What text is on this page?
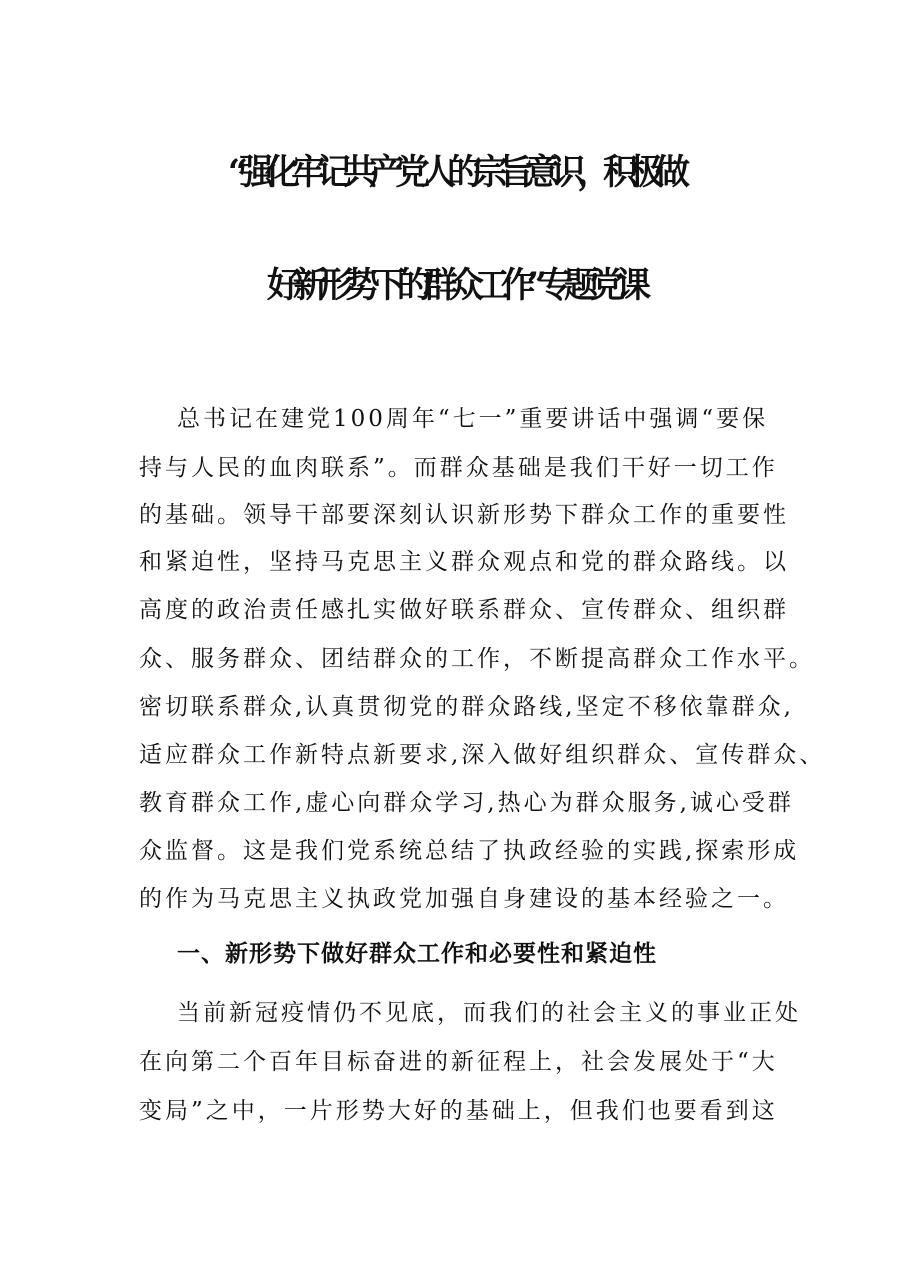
“强化牢记共产党人的宗旨意识，积极做
好新形势下的群众工作”专题党课
总书记在建党100周年“七一”重要讲话中强调“要保
持与人民的血肉联系”。而群众基础是我们干好一切工作
的基础。领导干部要深刻认识新形势下群众工作的重要性
和紧迫性，坚持马克思主义群众观点和党的群众路线。以
高度的政治责任感扎实做好联系群众、宣传群众、组织群
众、服务群众、团结群众的工作，不断提高群众工作水平。
密切联系群众,认真贯彻党的群众路线,坚定不移依靠群众,
适应群众工作新特点新要求,深入做好组织群众、宣传群众、
教育群众工作,虚心向群众学习,热心为群众服务,诚心受群
众监督。这是我们党系统总结了执政经验的实践,探索形成
的作为马克思主义执政党加强自身建设的基本经验之一。
一、新形势下做好群众工作和必要性和紧迫性
当前新冠疫情仍不见底，而我们的社会主义的事业正处
在向第二个百年目标奋进的新征程上，社会发展处于“大
变局”之中，一片形势大好的基础上，但我们也要看到这
